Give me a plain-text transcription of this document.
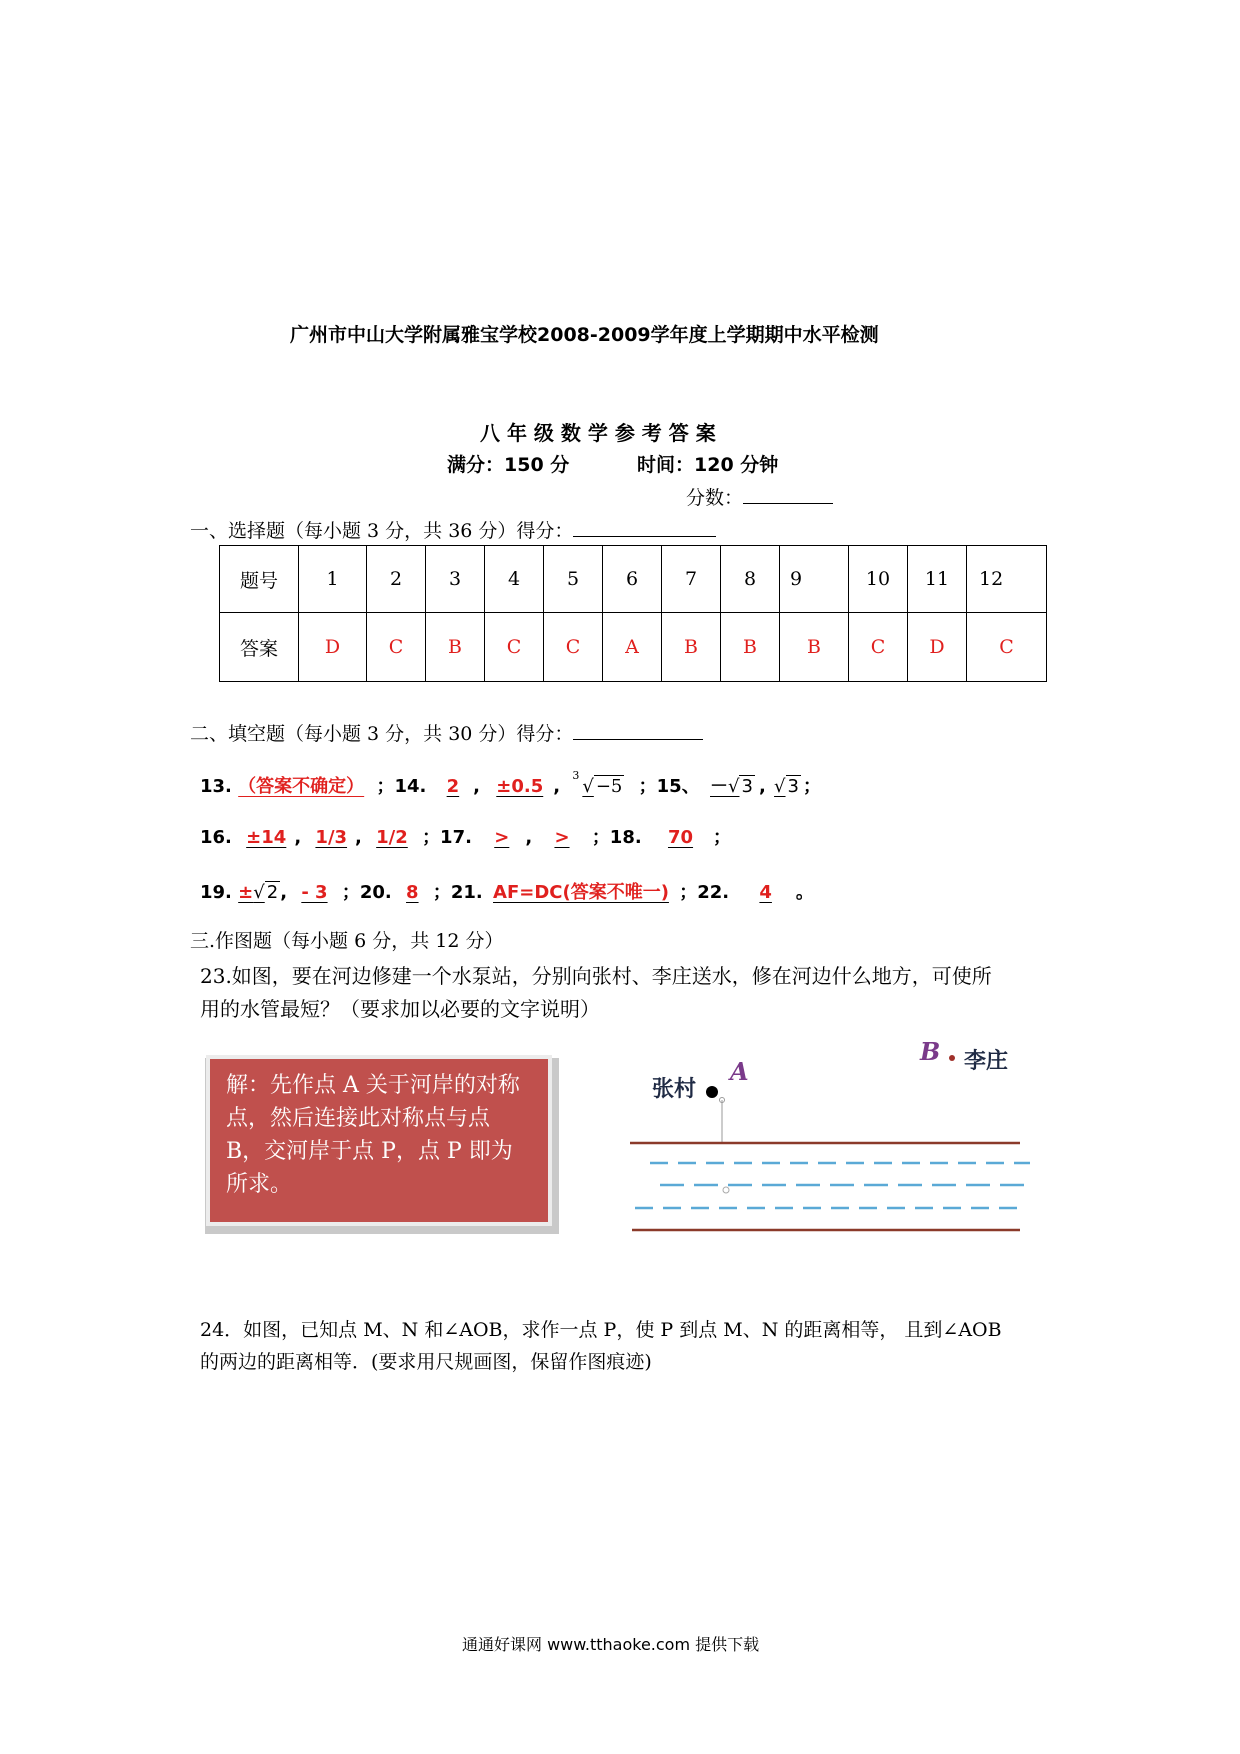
广州市中山大学附属雅宝学校2008-2009学年度上学期期中水平检测
八 年 级 数 学 参 考 答 案
满分：150 分	时间：120 分钟
分数：
一、选择题（每小题 3 分，共 36 分）得分：
题号	1	2	3	4	5	6	7	8	9	10	11	12
答案	D	C	B	C	C	A	B	B	B	C	D	C
二、填空题（每小题 3 分，共 30 分）得分：
13. （答案不确定） ；14. 2 , ±0.5 ,
3
√ −5 ；15、 －√ 3 , √ 3 ；
16. ±14 , 1/3 , 1/2 ；17. > , > ；18. 70 ；
19. ±√ 2 , - 3 ；20. 8 ；21. AF=DC(答案不唯一) ；22. 4 。
三.作图题（每小题 6 分，共 12 分）
23.如图，要在河边修建一个水泵站，分别向张村、李庄送水，修在河边什么地方，可使所
用的水管最短？（要求加以必要的文字说明）
解：先作点 A 关于河岸的对称点，然后连接此对称点与点 B，交河岸于点 P，点 P 即为所求。
B 李庄
A
张村
24．如图，已知点 M、N 和∠AOB，求作一点 P，使 P 到点 M、N 的距离相等， 且到∠AOB
的两边的距离相等．(要求用尺规画图，保留作图痕迹)
通通好课网 www.tthaoke.com 提供下载
